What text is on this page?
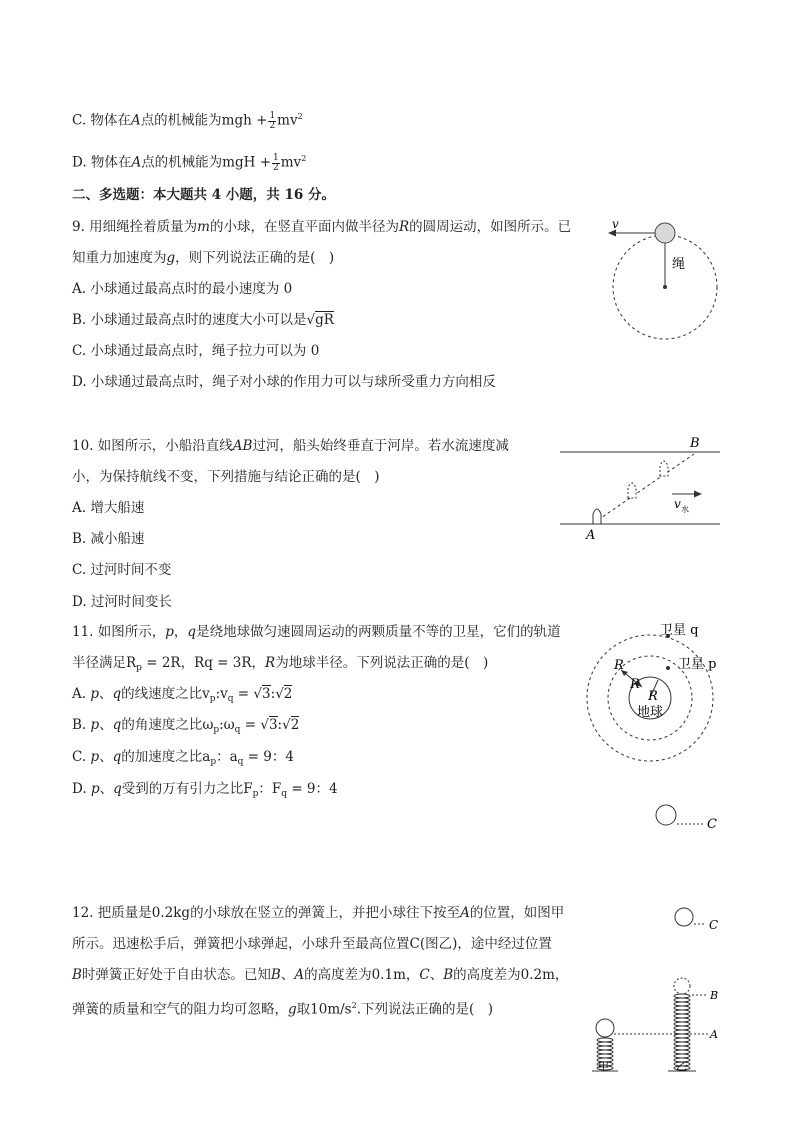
C. 物体在A点的机械能为mgh + $\frac{1}{2} mv^2$
D. 物体在A点的机械能为mgH + $\frac{1}{2} mv^2$
二、多选题：本大题共 4 小题，共 16 分。
9. 用细绳拴着质量为m的小球，在竖直平面内做半径为R的圆周运动，如图所示。已
知重力加速度为g，则下列说法正确的是(　)
A. 小球通过最高点时的最小速度为 0
B. 小球通过最高点时的速度大小可以是√gR
C. 小球通过最高点时，绳子拉力可以为 0
D. 小球通过最高点时，绳子对小球的作用力可以与球所受重力方向相反
v
绳
10. 如图所示，小船沿直线AB过河，船头始终垂直于河岸。若水流速度减
小，为保持航线不变，下列措施与结论正确的是(　)
A. 增大船速
B. 减小船速
C. 过河时间不变
D. 过河时间变长
v 水
B
A
11. 如图所示，p，q是绕地球做匀速圆周运动的两颗质量不等的卫星，它们的轨道
半径满足$R_p = 2R$，Rq = 3R，R为地球半径。下列说法正确的是(　)
A. p、q的线速度之比$v_p:v_q$ = √3:√2
B. p、q的角速度之比$\omega_p:\omega_q$ = √3:√2
C. p、q的加速度之比$a_p$：$a_q = 9$：4
D. p、q受到的万有引力之比$F_p$：$F_q = 9$：4
卫星 q
卫星 p
R
R
R
地球
12. 把质量是0.2kg的小球放在竖立的弹簧上，并把小球往下按至A的位置，如图甲
所示。迅速松手后，弹簧把小球弹起，小球升至最高位置C(图乙)，途中经过位置
B时弹簧正好处于自由状态。已知B、A的高度差为0.1m，C、B的高度差为0.2m，
弹簧的质量和空气的阻力均可忽略，g取$10m/s^2$.下列说法正确的是(　)
C
C
甲	乙
B
A
